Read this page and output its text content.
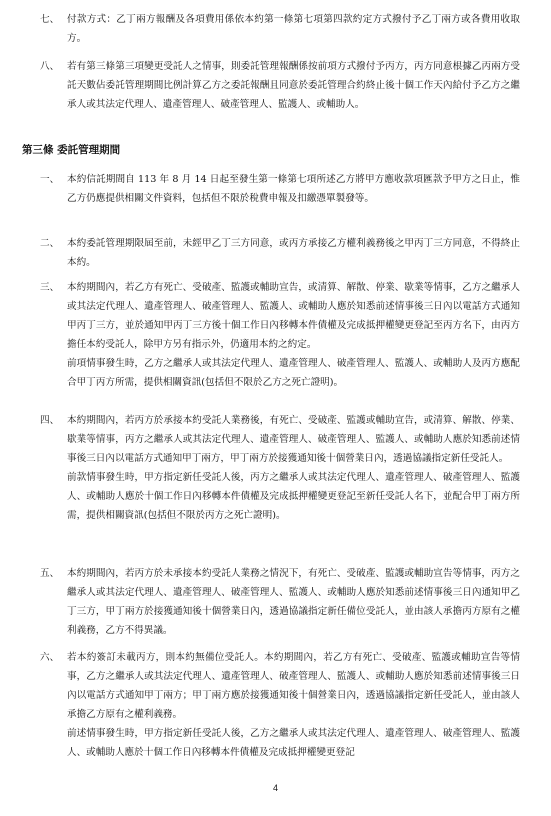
七、 付款方式：乙丁兩方報酬及各項費用係依本約第一條第七項第四款約定方式撥付予乙丁兩方或各費用收取方。

八、 若有第三條第三項變更受託人之情事，則委託管理報酬係按前項方式撥付予丙方，丙方同意根據乙丙兩方受託天數佔委託管理期間比例計算乙方之委託報酬且同意於委託管理合約終止後十個工作天內給付予乙方之繼承人或其法定代理人、遺產管理人、破產管理人、監護人、或輔助人。

第三條 委託管理期間
一、 本約信託期間自 113 年 8 月 14 日起至發生第一條第七項所述乙方將甲方應收款項匯款予甲方之日止，惟乙方仍應提供相關文件資料，包括但不限於稅費申報及扣繳憑單製發等。

二、 本約委託管理期限屆至前，未經甲乙丁三方同意，或丙方承接乙方權利義務後之甲丙丁三方同意，不得終止本約。

三、 本約期間內，若乙方有死亡、受破產、監護或輔助宣告，或清算、解散、停業、歇業等情事，乙方之繼承人或其法定代理人、遺產管理人、破產管理人、監護人、或輔助人應於知悉前述情事後三日內以電話方式通知甲丙丁三方，並於通知甲丙丁三方後十個工作日內移轉本件債權及完成抵押權變更登記至丙方名下，由丙方擔任本約受託人，除甲方另有指示外，仍適用本約之約定。

前項情事發生時，乙方之繼承人或其法定代理人、遺產管理人、破產管理人、監護人、或輔助人及丙方應配合甲丁丙方所需，提供相關資訊(包括但不限於乙方之死亡證明)。

四、 本約期間內，若丙方於承接本約受託人業務後，有死亡、受破產、監護或輔助宣告，或清算、解散、停業、歇業等情事，丙方之繼承人或其法定代理人、遺產管理人、破產管理人、監護人、或輔助人應於知悉前述情事後三日內以電話方式通知甲丁兩方，甲丁兩方於接獲通知後十個營業日內，透過協議指定新任受託人。

前款情事發生時，甲方指定新任受託人後，丙方之繼承人或其法定代理人、遺產管理人、破產管理人、監護人、或輔助人應於十個工作日內移轉本件債權及完成抵押權變更登記至新任受託人名下，並配合甲丁兩方所需，提供相關資訊(包括但不限於丙方之死亡證明)。

五、 本約期間內，若丙方於未承接本約受託人業務之情況下，有死亡、受破產、監護或輔助宣告等情事，丙方之繼承人或其法定代理人、遺產管理人、破產管理人、監護人、或輔助人應於知悉前述情事後三日內通知甲乙丁三方，甲丁兩方於接獲通知後十個營業日內，透過協議指定新任備位受託人，並由該人承擔丙方原有之權利義務，乙方不得異議。

六、 若本約簽訂未載丙方，則本約無備位受託人。本約期間內，若乙方有死亡、受破產、監護或輔助宣告等情事，乙方之繼承人或其法定代理人、遺產管理人、破產管理人、監護人、或輔助人應於知悉前述情事後三日內以電話方式通知甲丁兩方；甲丁兩方應於接獲通知後十個營業日內，透過協議指定新任受託人，並由該人承擔乙方原有之權利義務。

前述情事發生時，甲方指定新任受託人後，乙方之繼承人或其法定代理人、遺產管理人、破產管理人、監護人、或輔助人應於十個工作日內移轉本件債權及完成抵押權變更登記

4
